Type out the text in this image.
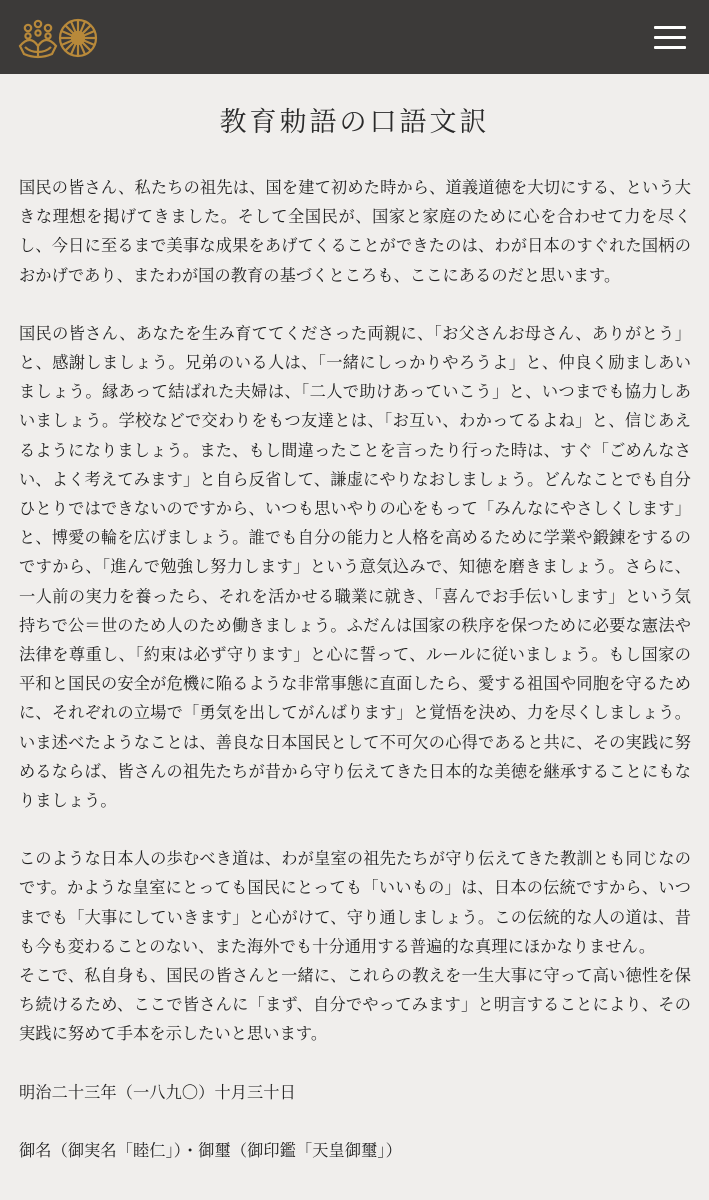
教育勅語の口語文訳

国民の皆さん、私たちの祖先は、国を建て初めた時から、道義道徳を大切にする、という大きな理想を掲げてきました。そして全国民が、国家と家庭のために心を合わせて力を尽くし、今日に至るまで美事な成果をあげてくることができたのは、わが日本のすぐれた国柄のおかげであり、またわが国の教育の基づくところも、ここにあるのだと思います。

国民の皆さん、あなたを生み育ててくださった両親に、「お父さんお母さん、ありがとう」と、感謝しましょう。兄弟のいる人は、「一緒にしっかりやろうよ」と、仲良く励ましあいましょう。縁あって結ばれた夫婦は、「二人で助けあっていこう」と、いつまでも協力しあいましょう。学校などで交わりをもつ友達とは、「お互い、わかってるよね」と、信じあえるようになりましょう。また、もし間違ったことを言ったり行った時は、すぐ「ごめんなさい、よく考えてみます」と自ら反省して、謙虚にやりなおしましょう。どんなことでも自分ひとりではできないのですから、いつも思いやりの心をもって「みんなにやさしくします」と、博愛の輪を広げましょう。誰でも自分の能力と人格を高めるために学業や鍛錬をするのですから、「進んで勉強し努力します」という意気込みで、知徳を磨きましょう。さらに、一人前の実力を養ったら、それを活かせる職業に就き、「喜んでお手伝いします」という気持ちで公＝世のため人のため働きましょう。ふだんは国家の秩序を保つために必要な憲法や法律を尊重し、「約束は必ず守ります」と心に誓って、ルールに従いましょう。もし国家の平和と国民の安全が危機に陥るような非常事態に直面したら、愛する祖国や同胞を守るために、それぞれの立場で「勇気を出してがんばります」と覚悟を決め、力を尽くしましょう。いま述べたようなことは、善良な日本国民として不可欠の心得であると共に、その実践に努めるならば、皆さんの祖先たちが昔から守り伝えてきた日本的な美徳を継承することにもなりましょう。

このような日本人の歩むべき道は、わが皇室の祖先たちが守り伝えてきた教訓とも同じなのです。かような皇室にとっても国民にとっても「いいもの」は、日本の伝統ですから、いつまでも「大事にしていきます」と心がけて、守り通しましょう。この伝統的な人の道は、昔も今も変わることのない、また海外でも十分通用する普遍的な真理にほかなりません。

そこで、私自身も、国民の皆さんと一緒に、これらの教えを一生大事に守って高い徳性を保ち続けるため、ここで皆さんに「まず、自分でやってみます」と明言することにより、その実践に努めて手本を示したいと思います。

明治二十三年（一八九〇）十月三十日

御名（御実名「睦仁」）・御璽（御印鑑「天皇御璽」）
